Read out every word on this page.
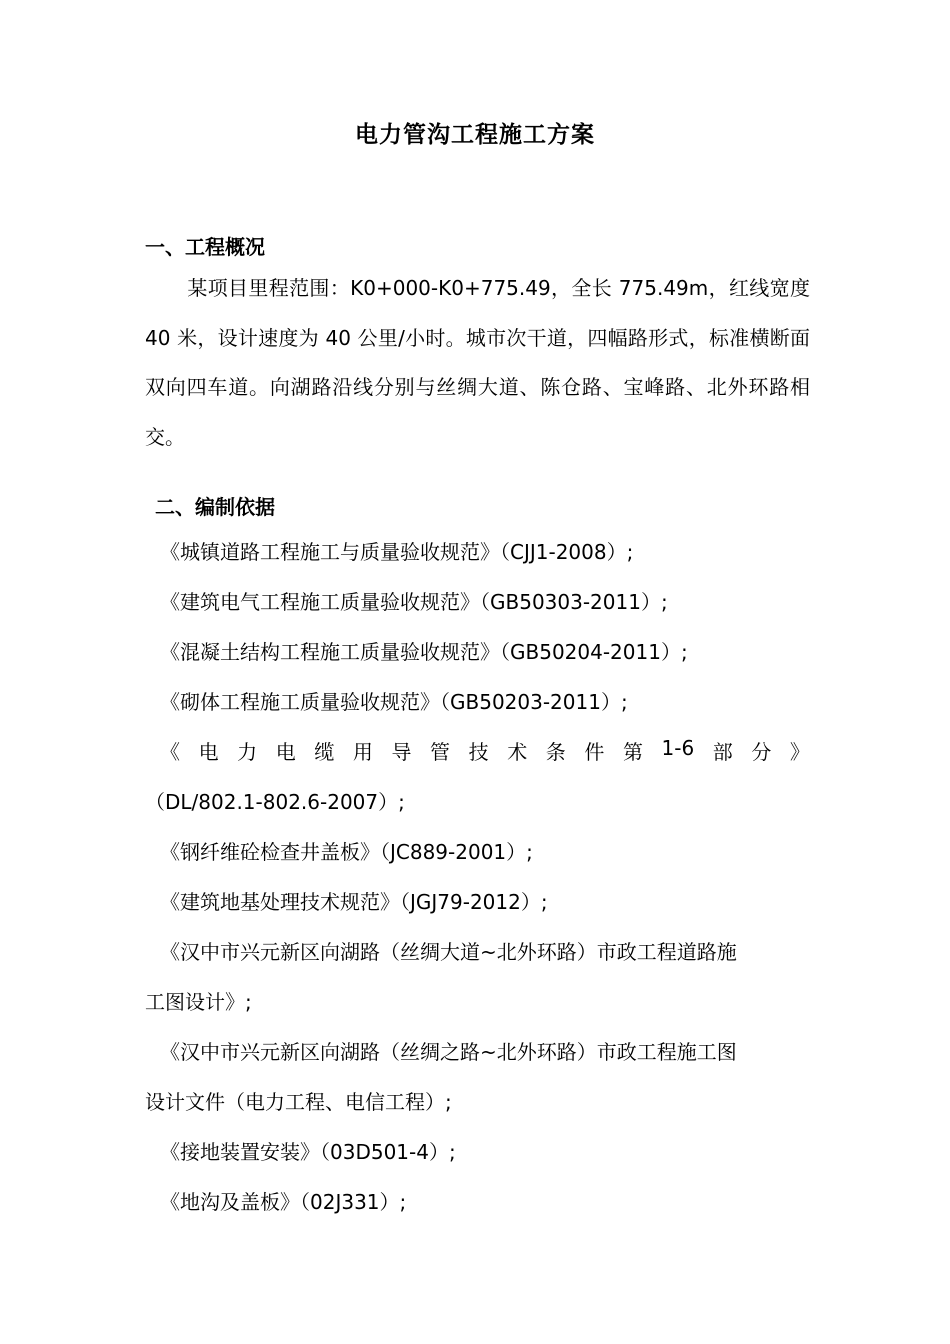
电力管沟工程施工方案
一、工程概况
某项目里程范围：K0+000-K0+775.49，全长 775.49m，红线宽度 40 米，设计速度为 40 公里/小时。城市次干道，四幅路形式，标准横断面双向四车道。向湖路沿线分别与丝绸大道、陈仓路、宝峰路、北外环路相交。
二、编制依据
《城镇道路工程施工与质量验收规范》（CJJ1-2008）;
《建筑电气工程施工质量验收规范》（GB50303-2011）;
《混凝土结构工程施工质量验收规范》（GB50204-2011）;
《砌体工程施工质量验收规范》（GB50203-2011）;
《 电 力 电 缆 用 导 管 技 术 条 件 第 1-6 部 分 》
（DL/802.1-802.6-2007）;
《钢纤维砼检查井盖板》（JC889-2001）;
《建筑地基处理技术规范》（JGJ79-2012）;
《汉中市兴元新区向湖路（丝绸大道~北外环路）市政工程道路施
工图设计》;
《汉中市兴元新区向湖路（丝绸之路~北外环路）市政工程施工图
设计文件（电力工程、电信工程）;
《接地装置安装》（03D501-4）;
《地沟及盖板》（02J331）;
